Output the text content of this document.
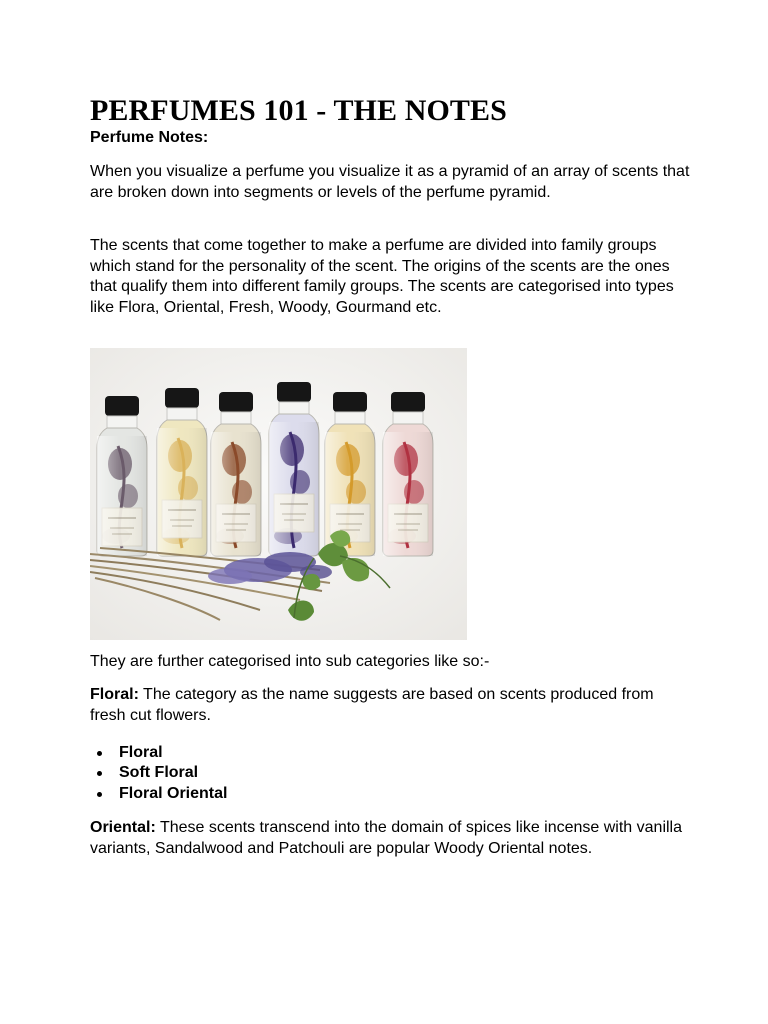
PERFUMES 101 - THE NOTES

Perfume Notes:

When you visualize a perfume you visualize it as a pyramid of an array of scents that are broken down into segments or levels of the perfume pyramid.

The scents that come together to make a perfume are divided into family groups which stand for the personality of the scent. The origins of the scents are the ones that qualify them into different family groups. The scents are categorised into types like Flora, Oriental, Fresh, Woody, Gourmand etc.

They are further categorised into sub categories like so:-

Floral: The category as the name suggests are based on scents produced from fresh cut flowers.

Floral
Soft Floral
Floral Oriental

Oriental: These scents transcend into the domain of spices like incense with vanilla variants, Sandalwood and Patchouli are popular Woody Oriental notes.
